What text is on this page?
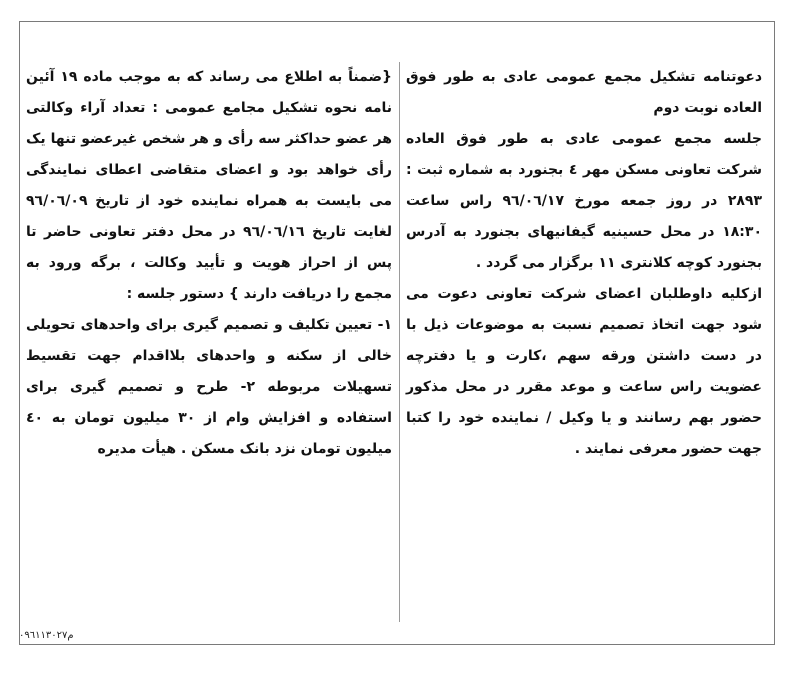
دعوتنامه تشکیل مجمع عمومی عادی به طور فوق العاده نوبت دوم

جلسه مجمع عمومی عادی به طور فوق العاده شرکت تعاونی مسکن مهر ٤ بجنورد به شماره ثبت : ٢٨٩٣ در روز جمعه مورخ ٩٦/٠٦/١٧ راس ساعت ١٨:٣٠ در محل حسینیه گیفانیهای بجنورد به آدرس بجنورد کوچه کلانتری ١١ برگزار می گردد .

ازکلیه داوطلبان اعضای شرکت تعاونی دعوت می شود جهت اتخاذ تصمیم نسبت به موضوعات ذیل با در دست داشتن ورقه سهم ،کارت و یا دفترچه عضویت راس ساعت و موعد مقرر در محل مذکور حضور بهم رسانند و یا وکیل / نماینده خود را کتبا جهت حضور معرفی نمایند .

{ضمناً به اطلاع می رساند که به موجب ماده ١٩ آئین نامه نحوه تشکیل مجامع عمومی : تعداد آراء وکالتی هر عضو حداکثر سه رأی و هر شخص غیرعضو تنها یک رأی خواهد بود و اعضای متقاضی اعطای نمایندگی می بایست به همراه نماینده خود از تاریخ ٩٦/٠٦/٠٩ لغایت تاریخ ٩٦/٠٦/١٦ در محل دفتر تعاونی حاضر تا پس از احراز هویت و تأیید وکالت ، برگه ورود به مجمع را دریافت دارند } دستور جلسه :

١- تعیین تکلیف و تصمیم گیری برای واحدهای تحویلی خالی از سکنه و واحدهای بلااقدام جهت تقسیط تسهیلات مربوطه ٢- طرح و تصمیم گیری برای استفاده و افزایش وام از ٣٠ میلیون تومان به ٤٠ میلیون تومان نزد بانک مسکن . هیأت مدیره

م٠٩٦١١٣٠٢٧
